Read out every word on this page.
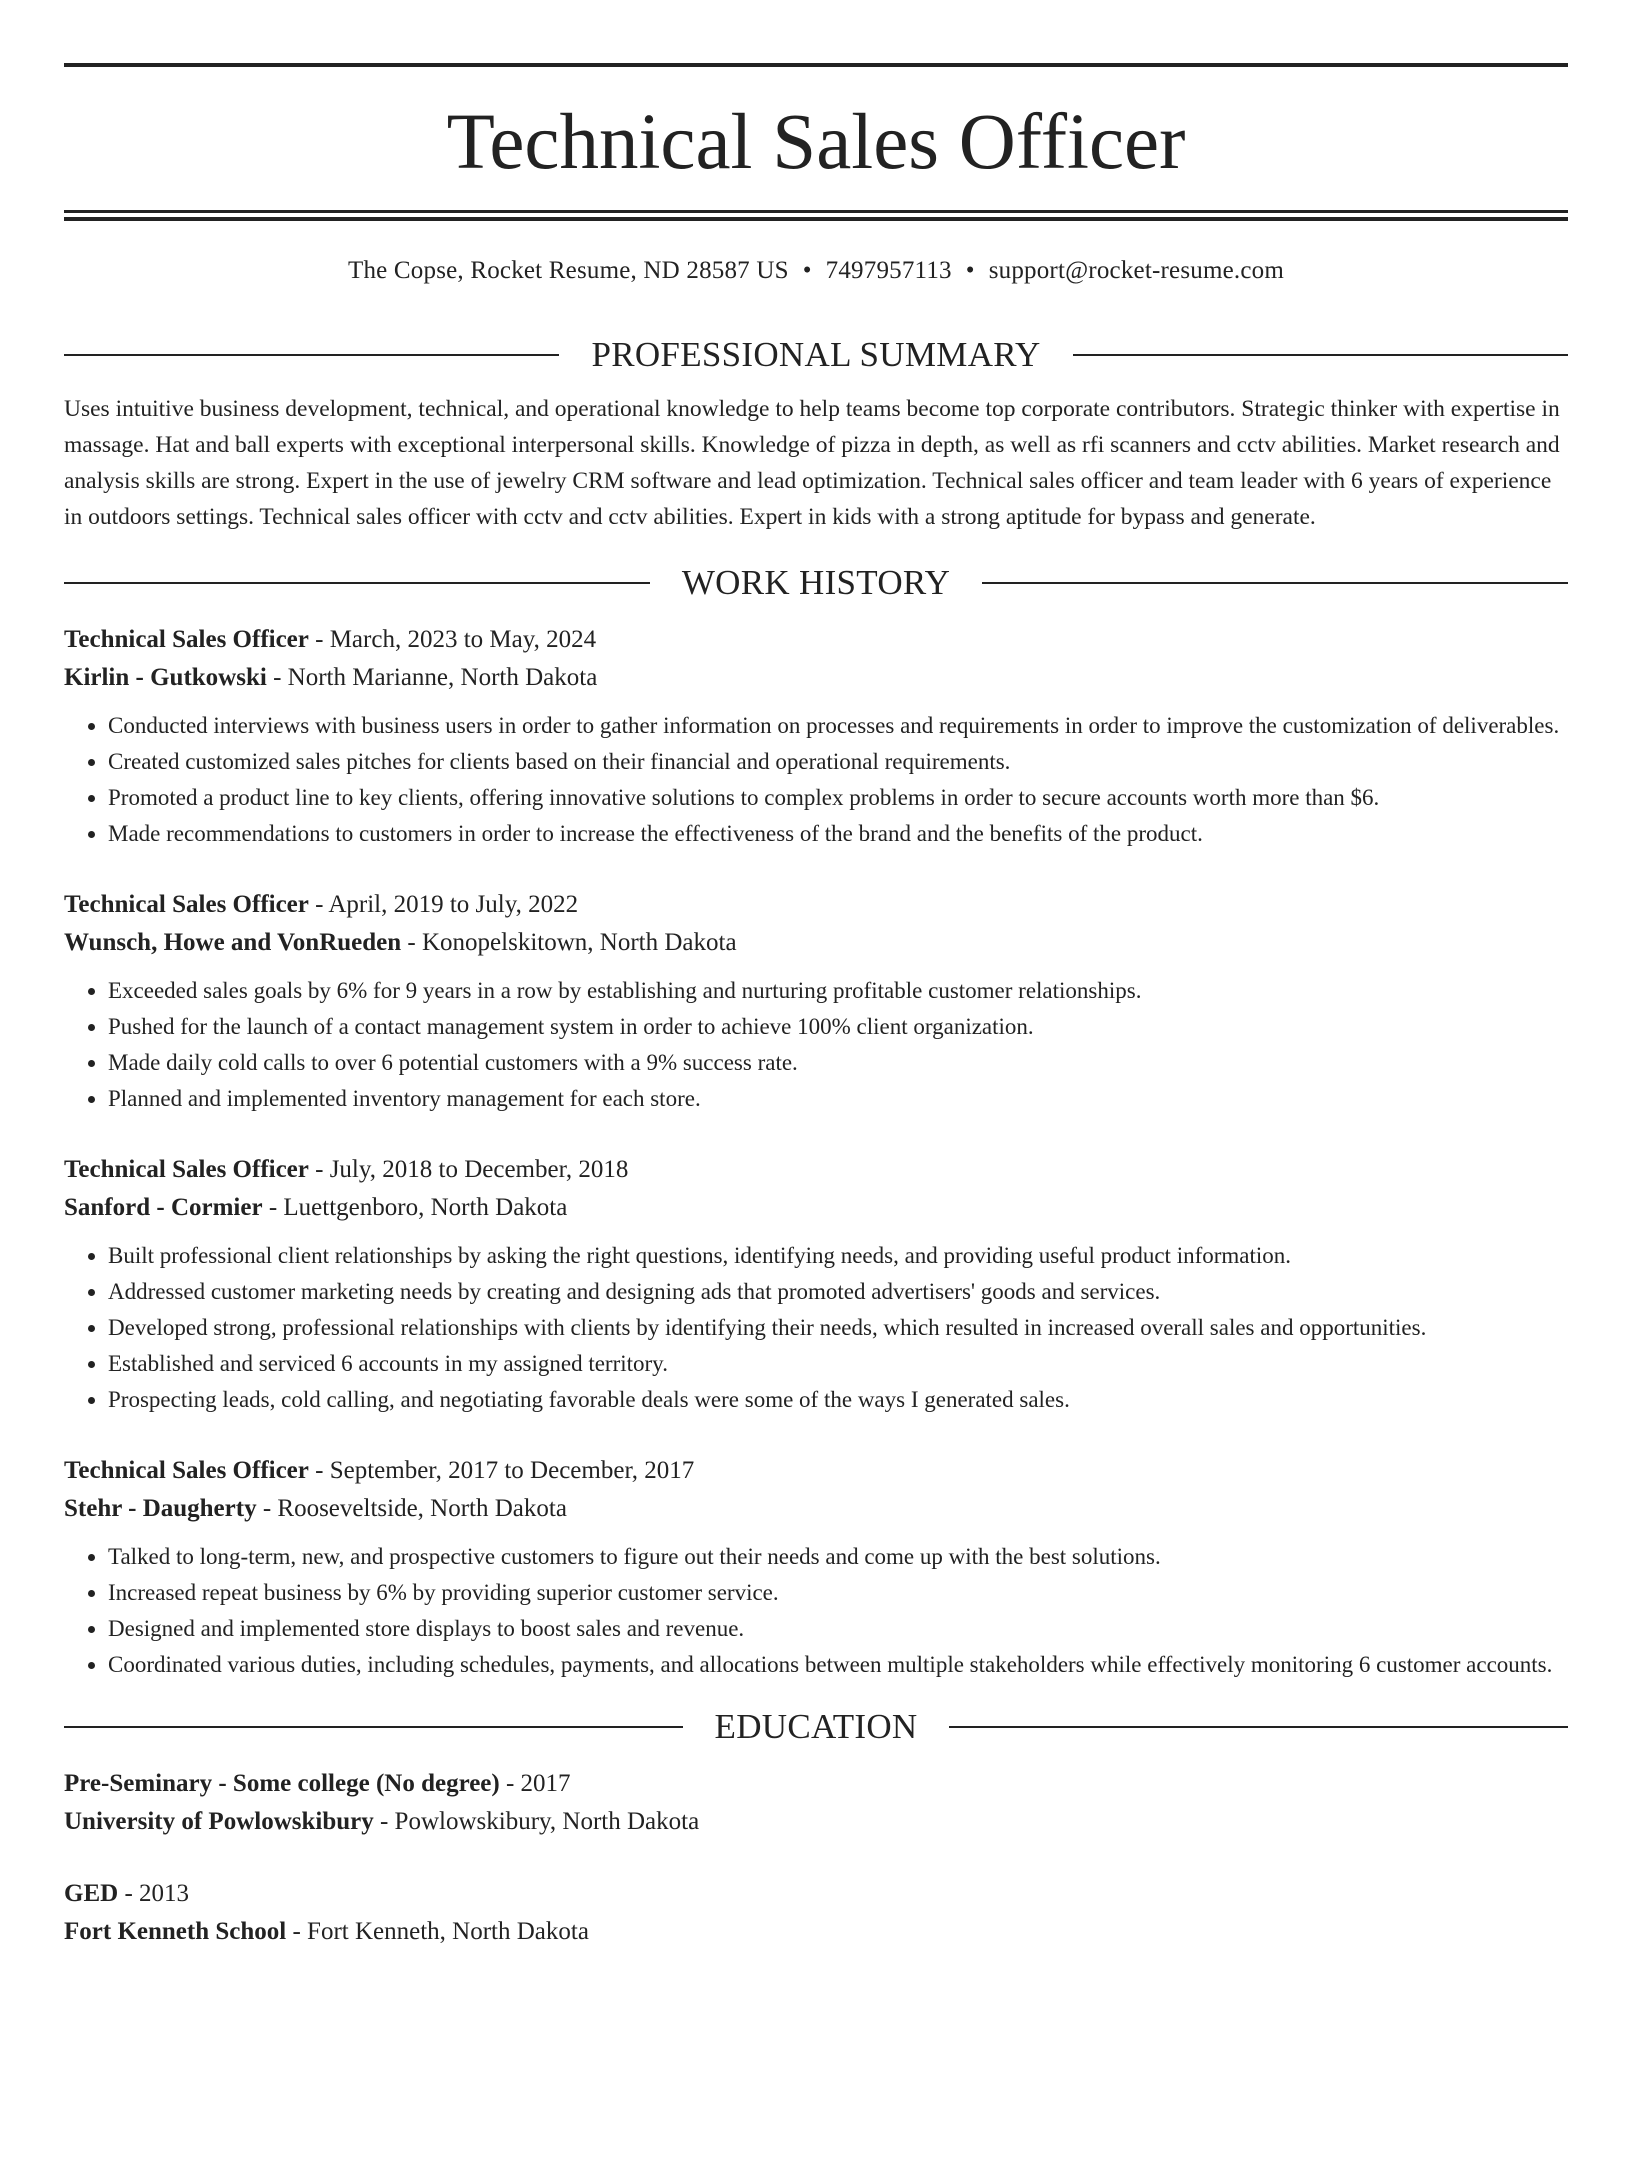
Technical Sales Officer
The Copse, Rocket Resume, ND 28587 US • 7497957113 • support@rocket-resume.com
PROFESSIONAL SUMMARY
Uses intuitive business development, technical, and operational knowledge to help teams become top corporate contributors. Strategic thinker with expertise in massage. Hat and ball experts with exceptional interpersonal skills. Knowledge of pizza in depth, as well as rfi scanners and cctv abilities. Market research and analysis skills are strong. Expert in the use of jewelry CRM software and lead optimization. Technical sales officer and team leader with 6 years of experience in outdoors settings. Technical sales officer with cctv and cctv abilities. Expert in kids with a strong aptitude for bypass and generate.
WORK HISTORY
Technical Sales Officer - March, 2023 to May, 2024
Kirlin - Gutkowski - North Marianne, North Dakota
• Conducted interviews with business users in order to gather information on processes and requirements in order to improve the customization of deliverables.
• Created customized sales pitches for clients based on their financial and operational requirements.
• Promoted a product line to key clients, offering innovative solutions to complex problems in order to secure accounts worth more than $6.
• Made recommendations to customers in order to increase the effectiveness of the brand and the benefits of the product.
Technical Sales Officer - April, 2019 to July, 2022
Wunsch, Howe and VonRueden - Konopelskitown, North Dakota
• Exceeded sales goals by 6% for 9 years in a row by establishing and nurturing profitable customer relationships.
• Pushed for the launch of a contact management system in order to achieve 100% client organization.
• Made daily cold calls to over 6 potential customers with a 9% success rate.
• Planned and implemented inventory management for each store.
Technical Sales Officer - July, 2018 to December, 2018
Sanford - Cormier - Luettgenboro, North Dakota
• Built professional client relationships by asking the right questions, identifying needs, and providing useful product information.
• Addressed customer marketing needs by creating and designing ads that promoted advertisers' goods and services.
• Developed strong, professional relationships with clients by identifying their needs, which resulted in increased overall sales and opportunities.
• Established and serviced 6 accounts in my assigned territory.
• Prospecting leads, cold calling, and negotiating favorable deals were some of the ways I generated sales.
Technical Sales Officer - September, 2017 to December, 2017
Stehr - Daugherty - Rooseveltside, North Dakota
• Talked to long-term, new, and prospective customers to figure out their needs and come up with the best solutions.
• Increased repeat business by 6% by providing superior customer service.
• Designed and implemented store displays to boost sales and revenue.
• Coordinated various duties, including schedules, payments, and allocations between multiple stakeholders while effectively monitoring 6 customer accounts.
EDUCATION
Pre-Seminary - Some college (No degree) - 2017
University of Powlowskibury - Powlowskibury, North Dakota
GED - 2013
Fort Kenneth School - Fort Kenneth, North Dakota
